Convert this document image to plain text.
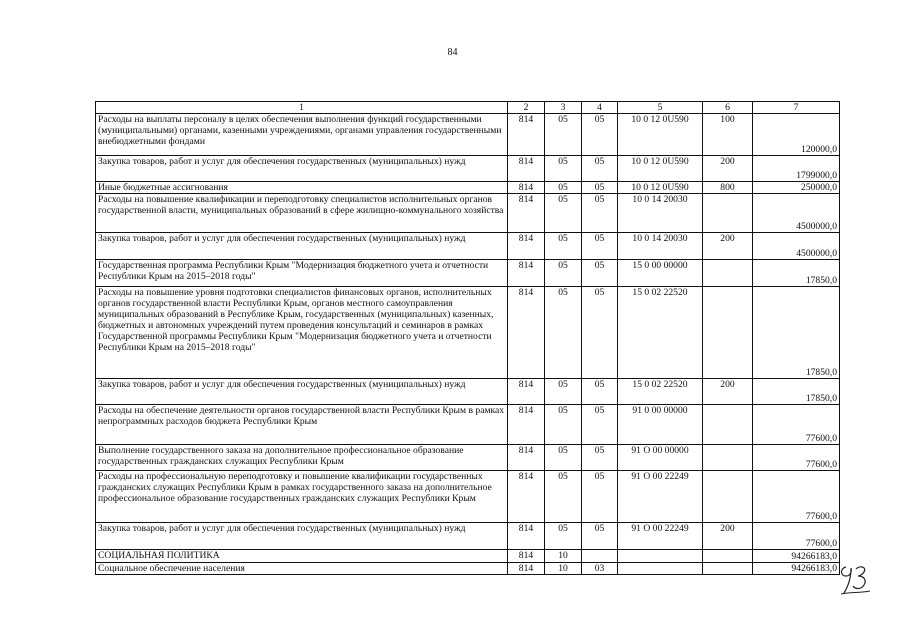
84
1	2	3	4	5	6	7
Расходы на выплаты персоналу в целях обеспечения выполнения функций государственными (муниципальными) органами, казенными учреждениями, органами управления государственными внебюджетными фондами	814	05	05	10 0 12 0U590	100	120000,0
Закупка товаров, работ и услуг для обеспечения государственных (муниципальных) нужд	814	05	05	10 0 12 0U590	200	1799000,0
Иные бюджетные ассигнования	814	05	05	10 0 12 0U590	800	250000,0
Расходы на повышение квалификации и переподготовку специалистов исполнительных органов государственной власти, муниципальных образований в сфере жилищно-коммунального хозяйства	814	05	05	10 0 14 20030		4500000,0
Закупка товаров, работ и услуг для обеспечения государственных (муниципальных) нужд	814	05	05	10 0 14 20030	200	4500000,0
Государственная программа Республики Крым "Модернизация бюджетного учета и отчетности Республики Крым на 2015–2018 годы"	814	05	05	15 0 00 00000		17850,0
Расходы на повышение уровня подготовки специалистов финансовых органов, исполнительных органов государственной власти Республики Крым, органов местного самоуправления муниципальных образований в Республике Крым, государственных (муниципальных) казенных, бюджетных и автономных учреждений путем проведения консультаций и семинаров в рамках Государственной программы Республики Крым "Модернизация бюджетного учета и отчетности Республики Крым на 2015–2018 годы"	814	05	05	15 0 02 22520		17850,0
Закупка товаров, работ и услуг для обеспечения государственных (муниципальных) нужд	814	05	05	15 0 02 22520	200	17850,0
Расходы на обеспечение деятельности органов государственной власти Республики Крым в рамках непрограммных расходов бюджета Республики Крым	814	05	05	91 0 00 00000		77600,0
Выполнение государственного заказа на дополнительное профессиональное образование государственных гражданских служащих Республики Крым	814	05	05	91 О 00 00000		77600,0
Расходы на профессиональную переподготовку и повышение квалификации государственных гражданских служащих Республики Крым в рамках государственного заказа на дополнительное профессиональное образование государственных гражданских служащих Республики Крым	814	05	05	91 О 00 22249		77600,0
Закупка товаров, работ и услуг для обеспечения государственных (муниципальных) нужд	814	05	05	91 О 00 22249	200	77600,0
СОЦИАЛЬНАЯ ПОЛИТИКА	814	10				94266183,0
Социальное обеспечение населения	814	10	03			94266183,0
